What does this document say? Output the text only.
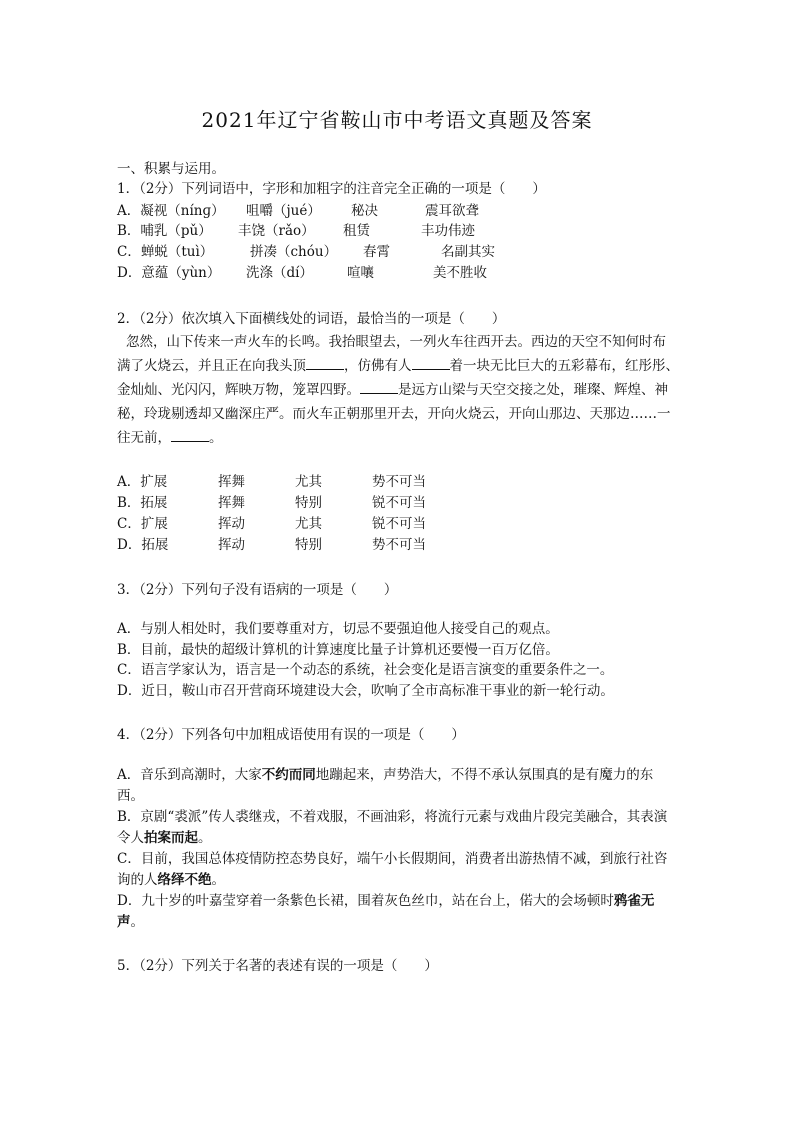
2021年辽宁省鞍山市中考语文真题及答案
一、积累与运用。
1．（2分）下列词语中，字形和加粗字的注音完全正确的一项是（　　）
A．凝视（nínɡ） 咀嚼（jué） 秘决	震耳欲聋
B．哺乳（pǔ） 丰饶（rǎo） 租赁	丰功伟迹
C．蝉蜕（tuì）	拼凑（chóu） 春霄	名副其实
D．意蕴（yùn） 洗涤（dí）	喧嚷	美不胜收
2．（2分）依次填入下面横线处的词语，最恰当的一项是（　　）
忽然，山下传来一声火车的长鸣。我抬眼望去，一列火车往西开去。西边的天空不知何时布满了火烧云，并且正在向我头顶	，仿佛有人	着一块无比巨大的五彩幕布，红彤彤、金灿灿、光闪闪，辉映万物，笼罩四野。	是远方山梁与天空交接之处，璀璨、辉煌、神秘，玲珑剔透却又幽深庄严。而火车正朝那里开去，开向火烧云，开向山那边、天那边……一往无前，	。
A．扩展	挥舞	尤其	势不可当
B．拓展	挥舞	特别	锐不可当
C．扩展	挥动	尤其	锐不可当
D．拓展	挥动	特别	势不可当
3．（2分）下列句子没有语病的一项是（　　）
A．与别人相处时，我们要尊重对方，切忌不要强迫他人接受自己的观点。
B．目前，最快的超级计算机的计算速度比量子计算机还要慢一百万亿倍。
C．语言学家认为，语言是一个动态的系统，社会变化是语言演变的重要条件之一。
D．近日，鞍山市召开营商环境建设大会，吹响了全市高标准干事业的新一轮行动。
4．（2分）下列各句中加粗成语使用有误的一项是（　　）
A．音乐到高潮时，大家不约而同地蹦起来，声势浩大，不得不承认氛围真的是有魔力的东西。
B．京剧“裘派”传人裘继戎，不着戏服，不画油彩，将流行元素与戏曲片段完美融合，其表演令人拍案而起。
C．目前，我国总体疫情防控态势良好，端午小长假期间，消费者出游热情不减，到旅行社咨询的人络绎不绝。
D．九十岁的叶嘉莹穿着一条紫色长裙，围着灰色丝巾，站在台上，偌大的会场顿时鸦雀无声。
5．（2分）下列关于名著的表述有误的一项是（　　）
